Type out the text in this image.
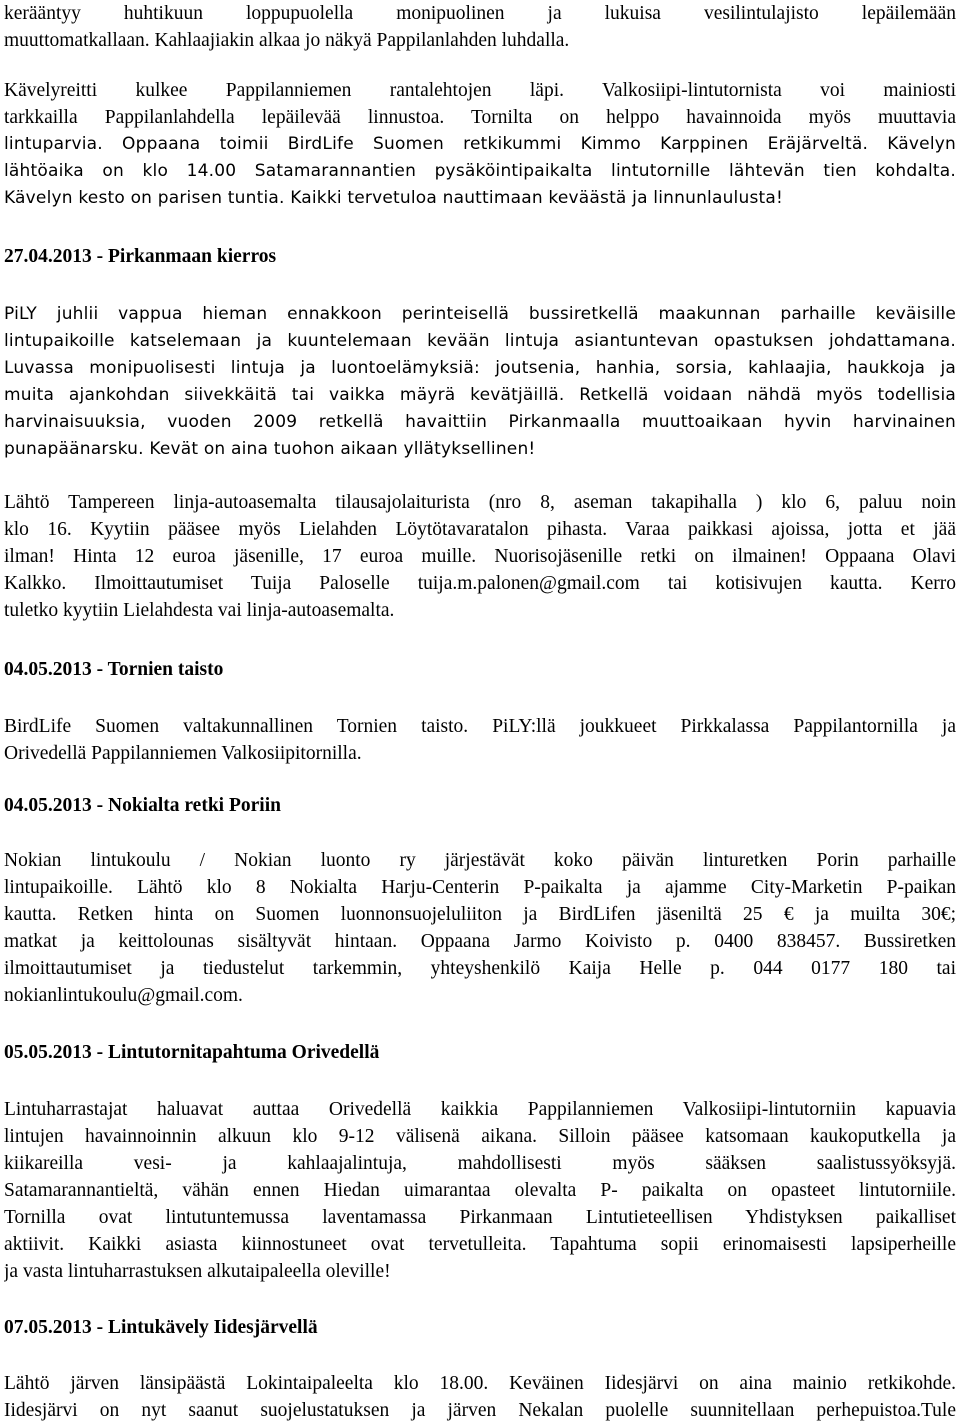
kerääntyy huhtikuun loppupuolella monipuolinen ja lukuisa vesilintulajisto lepäilemään
muuttomatkallaan. Kahlaajiakin alkaa jo näkyä Pappilanlahden luhdalla.
Kävelyreitti kulkee Pappilanniemen rantalehtojen läpi. Valkosiipi-lintutornista voi mainiosti
tarkkailla Pappilanlahdella lepäilevää linnustoa. Tornilta on helppo havainnoida myös muuttavia
lintuparvia. Oppaana toimii BirdLife Suomen retkikummi Kimmo Karppinen Eräjärveltä. Kävelyn
lähtöaika on klo 14.00 Satamarannantien pysäköintipaikalta lintutornille lähtevän tien kohdalta.
Kävelyn kesto on parisen tuntia. Kaikki tervetuloa nauttimaan keväästä ja linnunlaulusta!
27.04.2013 - Pirkanmaan kierros
PiLY juhlii vappua hieman ennakkoon perinteisellä bussiretkellä maakunnan parhaille keväisille
lintupaikoille katselemaan ja kuuntelemaan kevään lintuja asiantuntevan opastuksen johdattamana.
Luvassa monipuolisesti lintuja ja luontoelämyksiä: joutsenia, hanhia, sorsia, kahlaajia, haukkoja ja
muita ajankohdan siivekkäitä tai vaikka mäyrä kevätjäillä. Retkellä voidaan nähdä myös todellisia
harvinaisuuksia, vuoden 2009 retkellä havaittiin Pirkanmaalla muuttoaikaan hyvin harvinainen
punapäänarsku. Kevät on aina tuohon aikaan yllätyksellinen!
Lähtö Tampereen linja-autoasemalta tilausajolaiturista (nro 8, aseman takapihalla ) klo 6, paluu noin
klo 16. Kyytiin pääsee myös Lielahden Löytötavaratalon pihasta. Varaa paikkasi ajoissa, jotta et jää
ilman! Hinta 12 euroa jäsenille, 17 euroa muille. Nuorisojäsenille retki on ilmainen! Oppaana Olavi
Kalkko. Ilmoittautumiset Tuija Paloselle tuija.m.palonen@gmail.com tai kotisivujen kautta. Kerro
tuletko kyytiin Lielahdesta vai linja-autoasemalta.
04.05.2013 - Tornien taisto
BirdLife Suomen valtakunnallinen Tornien taisto. PiLY:llä joukkueet Pirkkalassa Pappilantornilla ja
Orivedellä Pappilanniemen Valkosiipitornilla.
04.05.2013 - Nokialta retki Poriin
Nokian lintukoulu / Nokian luonto ry järjestävät koko päivän linturetken Porin parhaille
lintupaikoille. Lähtö klo 8 Nokialta Harju-Centerin P-paikalta ja ajamme City-Marketin P-paikan
kautta. Retken hinta on Suomen luonnonsuojeluliiton ja BirdLifen jäseniltä 25 € ja muilta 30€;
matkat ja keittolounas sisältyvät hintaan. Oppaana Jarmo Koivisto p. 0400 838457. Bussiretken
ilmoittautumiset ja tiedustelut tarkemmin, yhteyshenkilö Kaija Helle p. 044 0177 180 tai
nokianlintukoulu@gmail.com.
05.05.2013 - Lintutornitapahtuma Orivedellä
Lintuharrastajat haluavat auttaa Orivedellä kaikkia Pappilanniemen Valkosiipi-lintutorniin kapuavia
lintujen havainnoinnin alkuun klo 9-12 välisenä aikana. Silloin pääsee katsomaan kaukoputkella ja
kiikareilla vesi- ja kahlaajalintuja, mahdollisesti myös sääksen saalistussyöksyjä.
Satamarannantieltä, vähän ennen Hiedan uimarantaa olevalta P- paikalta on opasteet lintutorniile.
Tornilla ovat lintutuntemussa laventamassa Pirkanmaan Lintutieteellisen Yhdistyksen paikalliset
aktiivit. Kaikki asiasta kiinnostuneet ovat tervetulleita. Tapahtuma sopii erinomaisesti lapsiperheille
ja vasta lintuharrastuksen alkutaipaleella oleville!
07.05.2013 - Lintukävely Iidesjärvellä
Lähtö järven länsipäästä Lokintaipaleelta klo 18.00. Keväinen Iidesjärvi on aina mainio retkikohde.
Iidesjärvi on nyt saanut suojelustatuksen ja järven Nekalan puolelle suunnitellaan perhepuistoa.Tule
